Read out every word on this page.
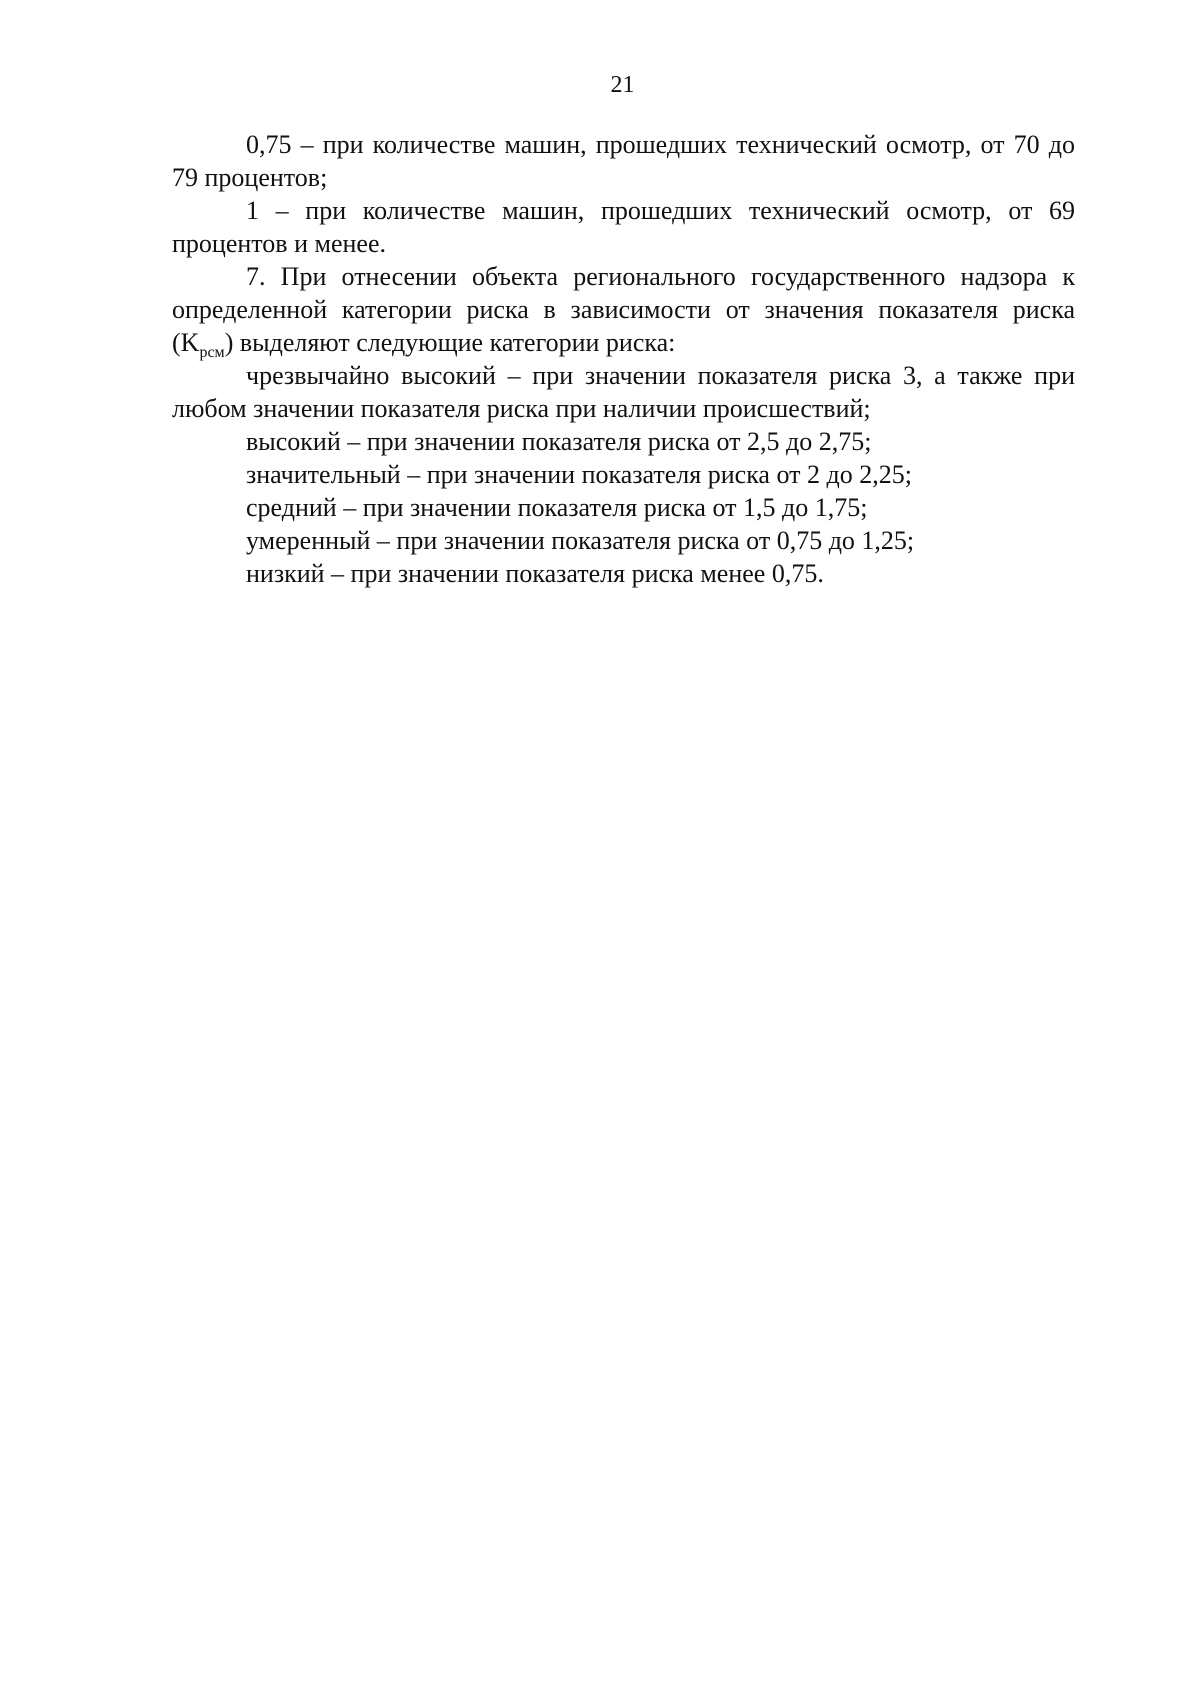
21

0,75 – при количестве машин, прошедших технический осмотр, от 70 до 79 процентов;

1 – при количестве машин, прошедших технический осмотр, от 69 процентов и менее.

7. При отнесении объекта регионального государственного надзора к определенной категории риска в зависимости от значения показателя риска $(K_{рсм})$ выделяют следующие категории риска:

чрезвычайно высокий – при значении показателя риска 3, а также при любом значении показателя риска при наличии происшествий;

высокий – при значении показателя риска от 2,5 до 2,75;

значительный – при значении показателя риска от 2 до 2,25;

средний – при значении показателя риска от 1,5 до 1,75;

умеренный – при значении показателя риска от 0,75 до 1,25;

низкий – при значении показателя риска менее 0,75.
